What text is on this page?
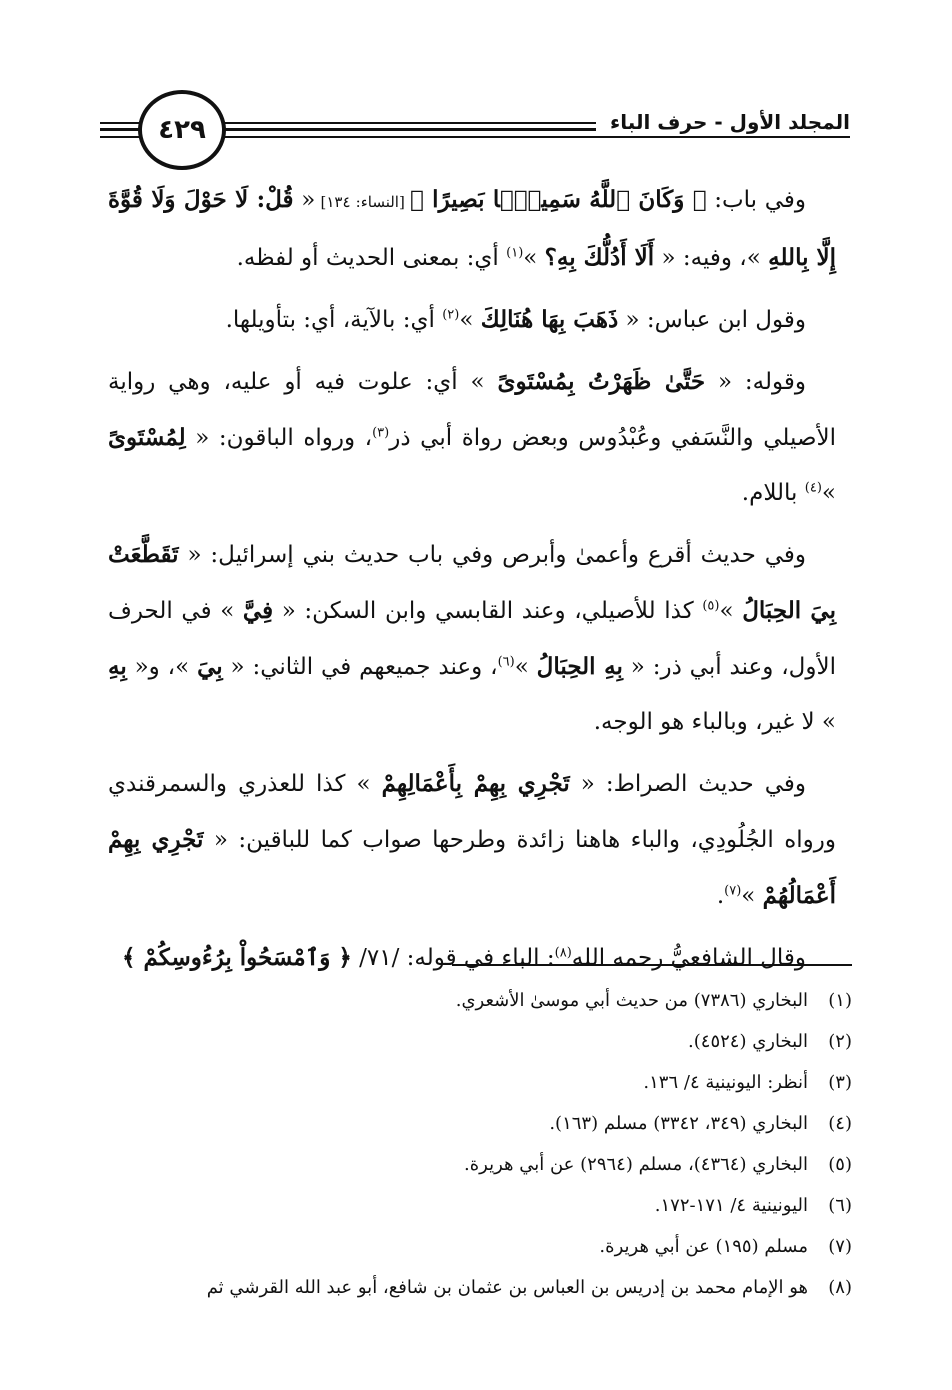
المجلد الأول - حرف الباء
٤٢٩
وفي باب: ﴿ وَكَانَ ٱللَّهُ سَمِيعًۢا بَصِيرًا ﴾ [النساء: ١٣٤] « قُلْ: لَا حَوْلَ وَلَا قُوَّةَ إِلَّا بِاللهِ »، وفيه: « أَلَا أَدُلُّكَ بِهِ؟ »$^{(١)}$ أي: بمعنى الحديث أو لفظه.
وقول ابن عباس: « ذَهَبَ بِهَا هُنَالِكَ »$^{(٢)}$ أي: بالآية، أي: بتأويلها.
وقوله: « حَتَّىٰ ظَهَرْتُ بِمُسْتَوىً » أي: علوت فيه أو عليه، وهي رواية الأصيلي والنَّسَفي وعُبْدُوس وبعض رواة أبي ذر$^{(٣)}$، ورواه الباقون: « لِمُسْتَوىً »$^{(٤)}$ باللام.
وفي حديث أقرع وأعمىٰ وأبرص وفي باب حديث بني إسرائيل: « تَقَطَّعَتْ بِيَ الحِبَالُ »$^{(٥)}$ كذا للأصيلي، وعند القابسي وابن السكن: « فِيَّ » في الحرف الأول، وعند أبي ذر: « بِهِ الحِبَالُ »$^{(٦)}$، وعند جميعهم في الثاني: « بِيَ »، و« بِهِ » لا غير، وبالباء هو الوجه.
وفي حديث الصراط: « تَجْرِي بِهِمْ بِأَعْمَالِهِمْ » كذا للعذري والسمرقندي ورواه الجُلُودِي، والباء هاهنا زائدة وطرحها صواب كما للباقين: « تَجْرِي بِهِمْ أَعْمَالُهُمْ »$^{(٧)}$.
وقال الشافعيُّ رحمه الله$^{(٨)}$: الباء في قوله: /٧١/ ﴿ وَٱمْسَحُواْ بِرُءُوسِكُمْ ﴾
(١)
البخاري (٧٣٨٦) من حديث أبي موسىٰ الأشعري.
(٢)
البخاري (٤٥٢٤).
(٣)
أنظر: اليونينية ٤/ ١٣٦.
(٤)
البخاري (٣٤٩، ٣٣٤٢) مسلم (١٦٣).
(٥)
البخاري (٤٣٦٤)، مسلم (٢٩٦٤) عن أبي هريرة.
(٦)
اليونينية ٤/ ١٧١-١٧٢.
(٧)
مسلم (١٩٥) عن أبي هريرة.
(٨)
هو الإمام محمد بن إدريس بن العباس بن عثمان بن شافع، أبو عبد الله القرشي ثم
